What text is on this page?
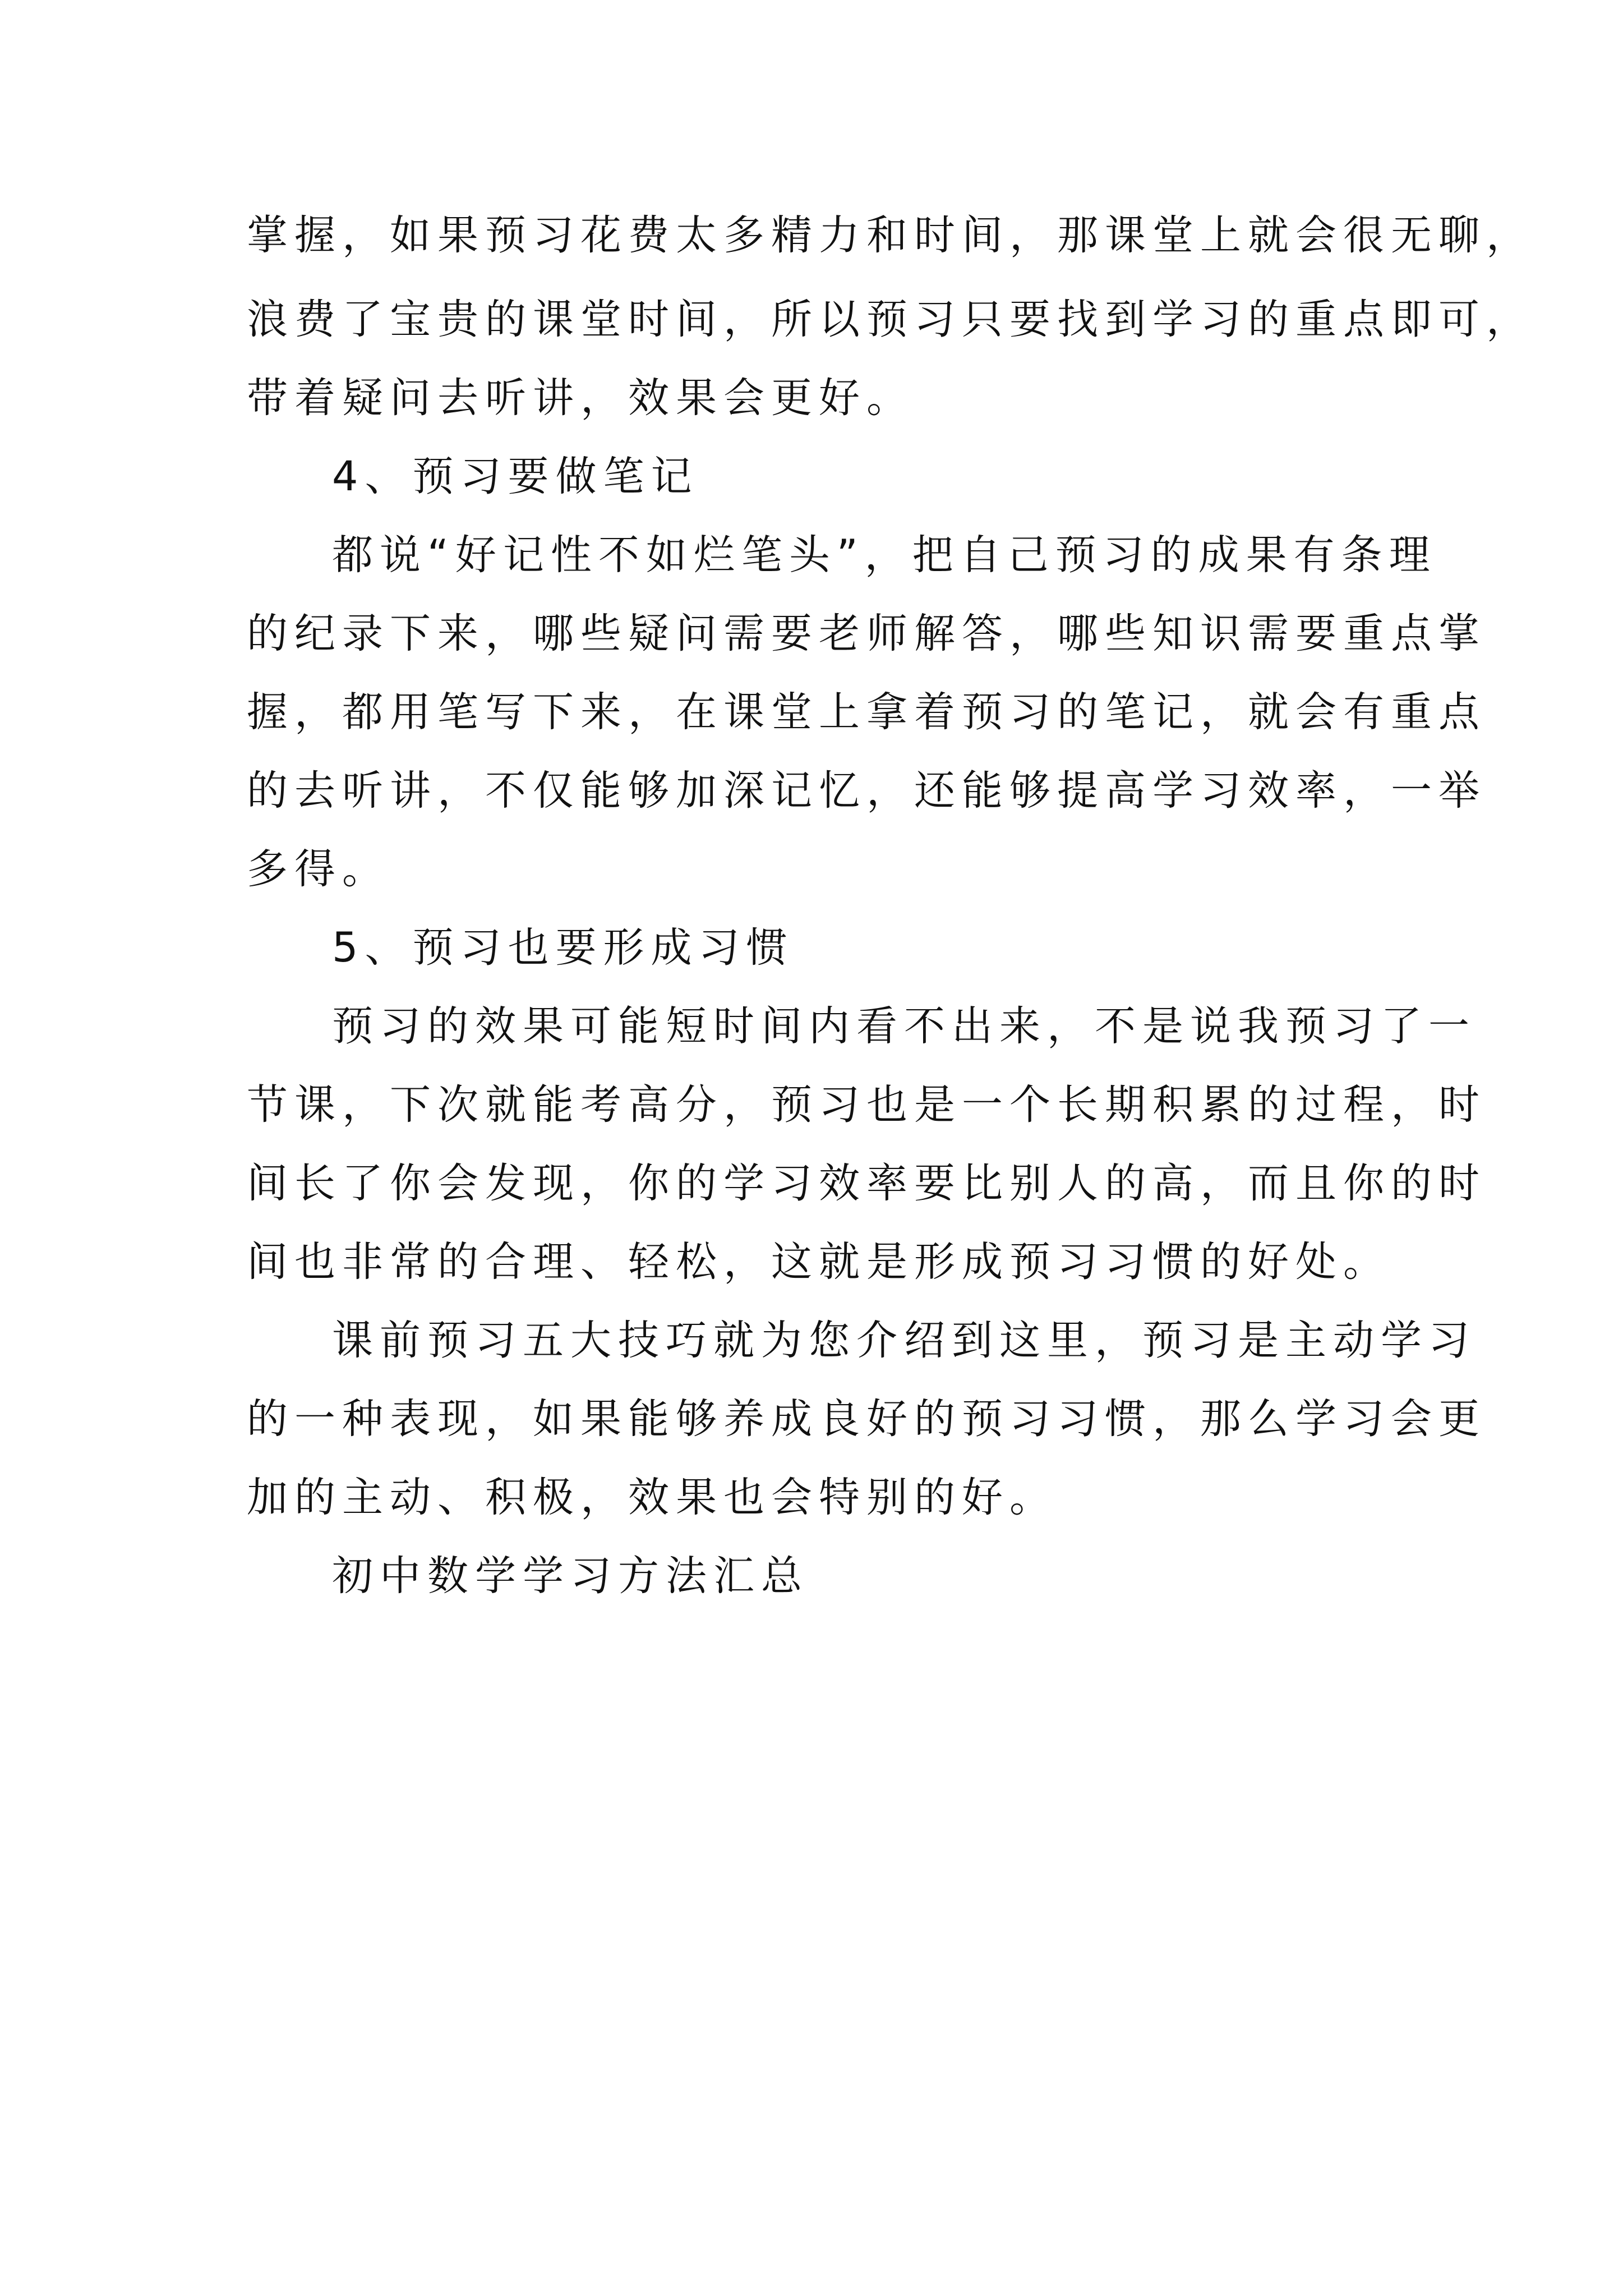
掌握，如果预习花费太多精力和时间，那课堂上就会很无聊，
浪费了宝贵的课堂时间，所以预习只要找到学习的重点即可，
带着疑问去听讲，效果会更好。
4、预习要做笔记
都说“好记性不如烂笔头”，把自己预习的成果有条理
的纪录下来，哪些疑问需要老师解答，哪些知识需要重点掌
握，都用笔写下来，在课堂上拿着预习的笔记，就会有重点
的去听讲，不仅能够加深记忆，还能够提高学习效率，一举
多得。
5、预习也要形成习惯
预习的效果可能短时间内看不出来，不是说我预习了一
节课，下次就能考高分，预习也是一个长期积累的过程，时
间长了你会发现，你的学习效率要比别人的高，而且你的时
间也非常的合理、轻松，这就是形成预习习惯的好处。
课前预习五大技巧就为您介绍到这里，预习是主动学习
的一种表现，如果能够养成良好的预习习惯，那么学习会更
加的主动、积极，效果也会特别的好。
初中数学学习方法汇总
